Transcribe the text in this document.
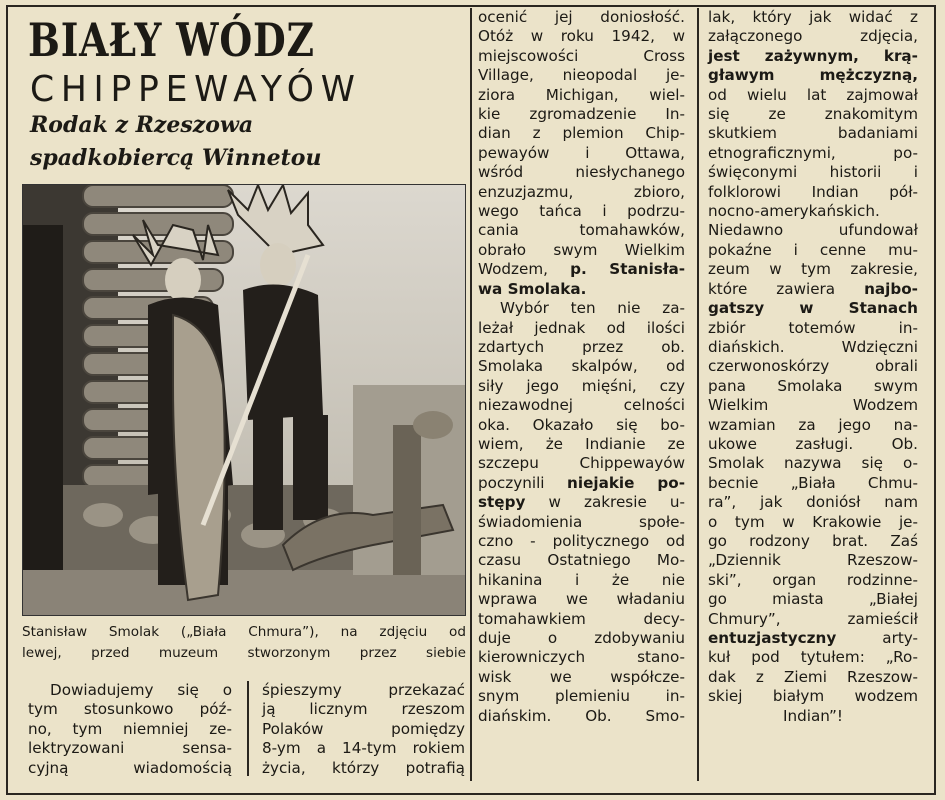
BIAŁY WÓDZ
CHIPPEWAYÓW
Rodak z Rzeszowa
spadkobiercą Winnetou
Stanisław Smolak („Biała Chmura”), na zdjęciu od
lewej, przed muzeum stworzonym przez siebie
Dowiadujemy się o
tym stosunkowo póź-
no, tym niemniej ze-
lektryzowani sensa-
cyjną wiadomością
śpieszymy przekazać
ją licznym rzeszom
Polaków pomiędzy
8-ym a 14-tym rokiem
życia, którzy potrafią
ocenić jej doniosłość.
Otóż w roku 1942, w
miejscowości Cross
Village, nieopodal je-
ziora Michigan, wiel-
kie zgromadzenie In-
dian z plemion Chip-
pewayów i Ottawa,
wśród niesłychanego
enzuzjazmu, zbioro,
wego tańca i podrzu-
cania tomahawków,
obrało swym Wielkim
Wodzem, p. Stanisła-
wa Smolaka.
Wybór ten nie za-
leżał jednak od ilości
zdartych przez ob.
Smolaka skalpów, od
siły jego mięśni, czy
niezawodnej celności
oka. Okazało się bo-
wiem, że Indianie ze
szczepu Chippewayów
poczynili niejakie po-
stępy w zakresie u-
świadomienia społe-
czno - politycznego od
czasu Ostatniego Mo-
hikanina i że nie
wprawa we władaniu
tomahawkiem decy-
duje o zdobywaniu
kierowniczych stano-
wisk we współcze-
snym plemieniu in-
diańskim. Ob. Smo-
lak, który jak widać z
załączonego zdjęcia,
jest zażywnym, krą-
gławym mężczyzną,
od wielu lat zajmował
się ze znakomitym
skutkiem badaniami
etnograficznymi, po-
święconymi historii i
folklorowi Indian pół-
nocno-amerykańskich.
Niedawno ufundował
pokaźne i cenne mu-
zeum w tym zakresie,
które zawiera najbo-
gatszy w Stanach
zbiór totemów in-
diańskich. Wdzięczni
czerwonoskórzy obrali
pana Smolaka swym
Wielkim Wodzem
wzamian za jego na-
ukowe zasługi. Ob.
Smolak nazywa się o-
becnie „Biała Chmu-
ra”, jak doniósł nam
o tym w Krakowie je-
go rodzony brat. Zaś
„Dziennik Rzeszow-
ski”, organ rodzinne-
go miasta „Białej
Chmury”, zamieścił
entuzjastyczny	arty-
kuł pod tytułem: „Ro-
dak z Ziemi Rzeszow-
skiej białym wodzem
Indian”!
